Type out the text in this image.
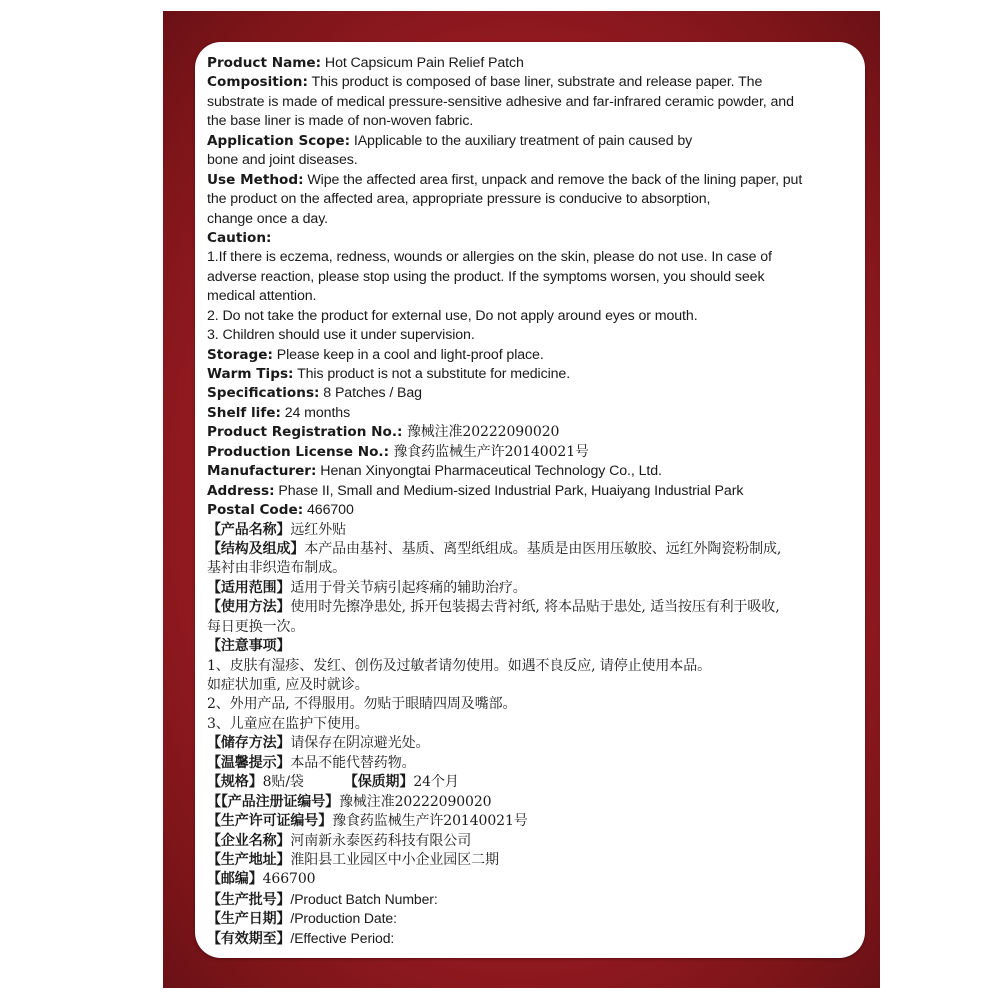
Product Name: Hot Capsicum Pain Relief Patch
Composition: This product is composed of base liner, substrate and release paper. The
substrate is made of medical pressure-sensitive adhesive and far-infrared ceramic powder, and
the base liner is made of non-woven fabric.
Application Scope: IApplicable to the auxiliary treatment of pain caused by
bone and joint diseases.
Use Method: Wipe the affected area first, unpack and remove the back of the lining paper, put
the product on the affected area, appropriate pressure is conducive to absorption,
change once a day.
Caution:
1.If there is eczema, redness, wounds or allergies on the skin, please do not use. In case of
adverse reaction, please stop using the product. If the symptoms worsen, you should seek
medical attention.
2. Do not take the product for external use, Do not apply around eyes or mouth.
3. Children should use it under supervision.
Storage: Please keep in a cool and light-proof place.
Warm Tips: This product is not a substitute for medicine.
Specifications: 8 Patches / Bag
Shelf life: 24 months
Product Registration No.: 豫械注准20222090020
Production License No.: 豫食药监械生产许20140021号
Manufacturer: Henan Xinyongtai Pharmaceutical Technology Co., Ltd.
Address: Phase II, Small and Medium-sized Industrial Park, Huaiyang Industrial Park
Postal Code: 466700
【产品名称】远红外贴
【结构及组成】本产品由基衬、基质、离型纸组成。基质是由医用压敏胶、远红外陶瓷粉制成,
基衬由非织造布制成。
【适用范围】适用于骨关节病引起疼痛的辅助治疗。
【使用方法】使用时先擦净患处, 拆开包装揭去背衬纸, 将本品贴于患处, 适当按压有利于吸收,
每日更换一次。
【注意事项】
1、皮肤有湿疹、发红、创伤及过敏者请勿使用。如遇不良反应, 请停止使用本品。
如症状加重, 应及时就诊。
2、外用产品, 不得服用。勿贴于眼睛四周及嘴部。
3、儿童应在监护下使用。
【储存方法】请保存在阴凉避光处。
【温馨提示】本品不能代替药物。
【规格】8贴/袋	【保质期】24个月
【【产品注册证编号】豫械注准20222090020
【生产许可证编号】豫食药监械生产许20140021号
【企业名称】河南新永泰医药科技有限公司
【生产地址】淮阳县工业园区中小企业园区二期
【邮编】466700
【生产批号】/Product Batch Number:
【生产日期】/Production Date:
【有效期至】/Effective Period:
